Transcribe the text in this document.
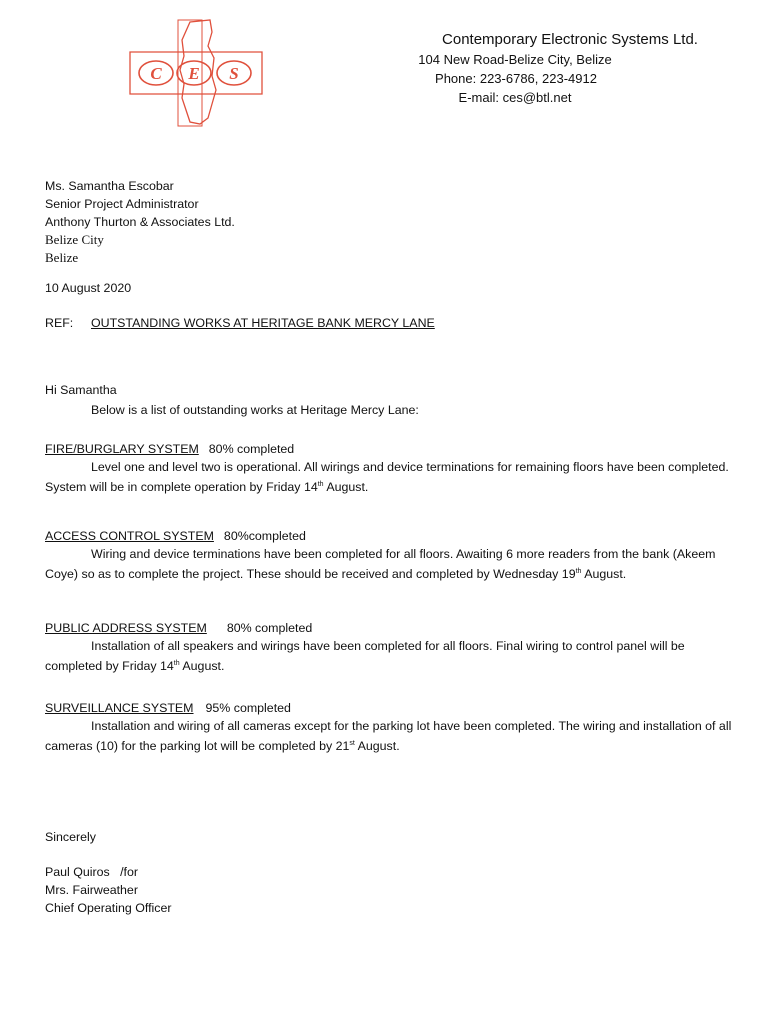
C E S
Contemporary Electronic Systems Ltd.
104 New Road-Belize City, Belize
Phone: 223-6786, 223-4912
E-mail: ces@btl.net
Ms. Samantha Escobar
Senior Project Administrator
Anthony Thurton & Associates Ltd.
Belize City
Belize
10 August 2020
REF: OUTSTANDING WORKS AT HERITAGE BANK MERCY LANE
Hi Samantha
Below is a list of outstanding works at Heritage Mercy Lane:
FIRE/BURGLARY SYSTEM 80% completed
Level one and level two is operational. All wirings and device terminations for remaining floors have been completed. System will be in complete operation by Friday 14th August.
ACCESS CONTROL SYSTEM 80%completed
Wiring and device terminations have been completed for all floors. Awaiting 6 more readers from the bank (Akeem Coye) so as to complete the project. These should be received and completed by Wednesday 19th August.
PUBLIC ADDRESS SYSTEM 80% completed
Installation of all speakers and wirings have been completed for all floors. Final wiring to control panel will be completed by Friday 14th August.
SURVEILLANCE SYSTEM 95% completed
Installation and wiring of all cameras except for the parking lot have been completed. The wiring and installation of all cameras (10) for the parking lot will be completed by 21st August.
Sincerely
Paul Quiros   /for
Mrs. Fairweather
Chief Operating Officer
